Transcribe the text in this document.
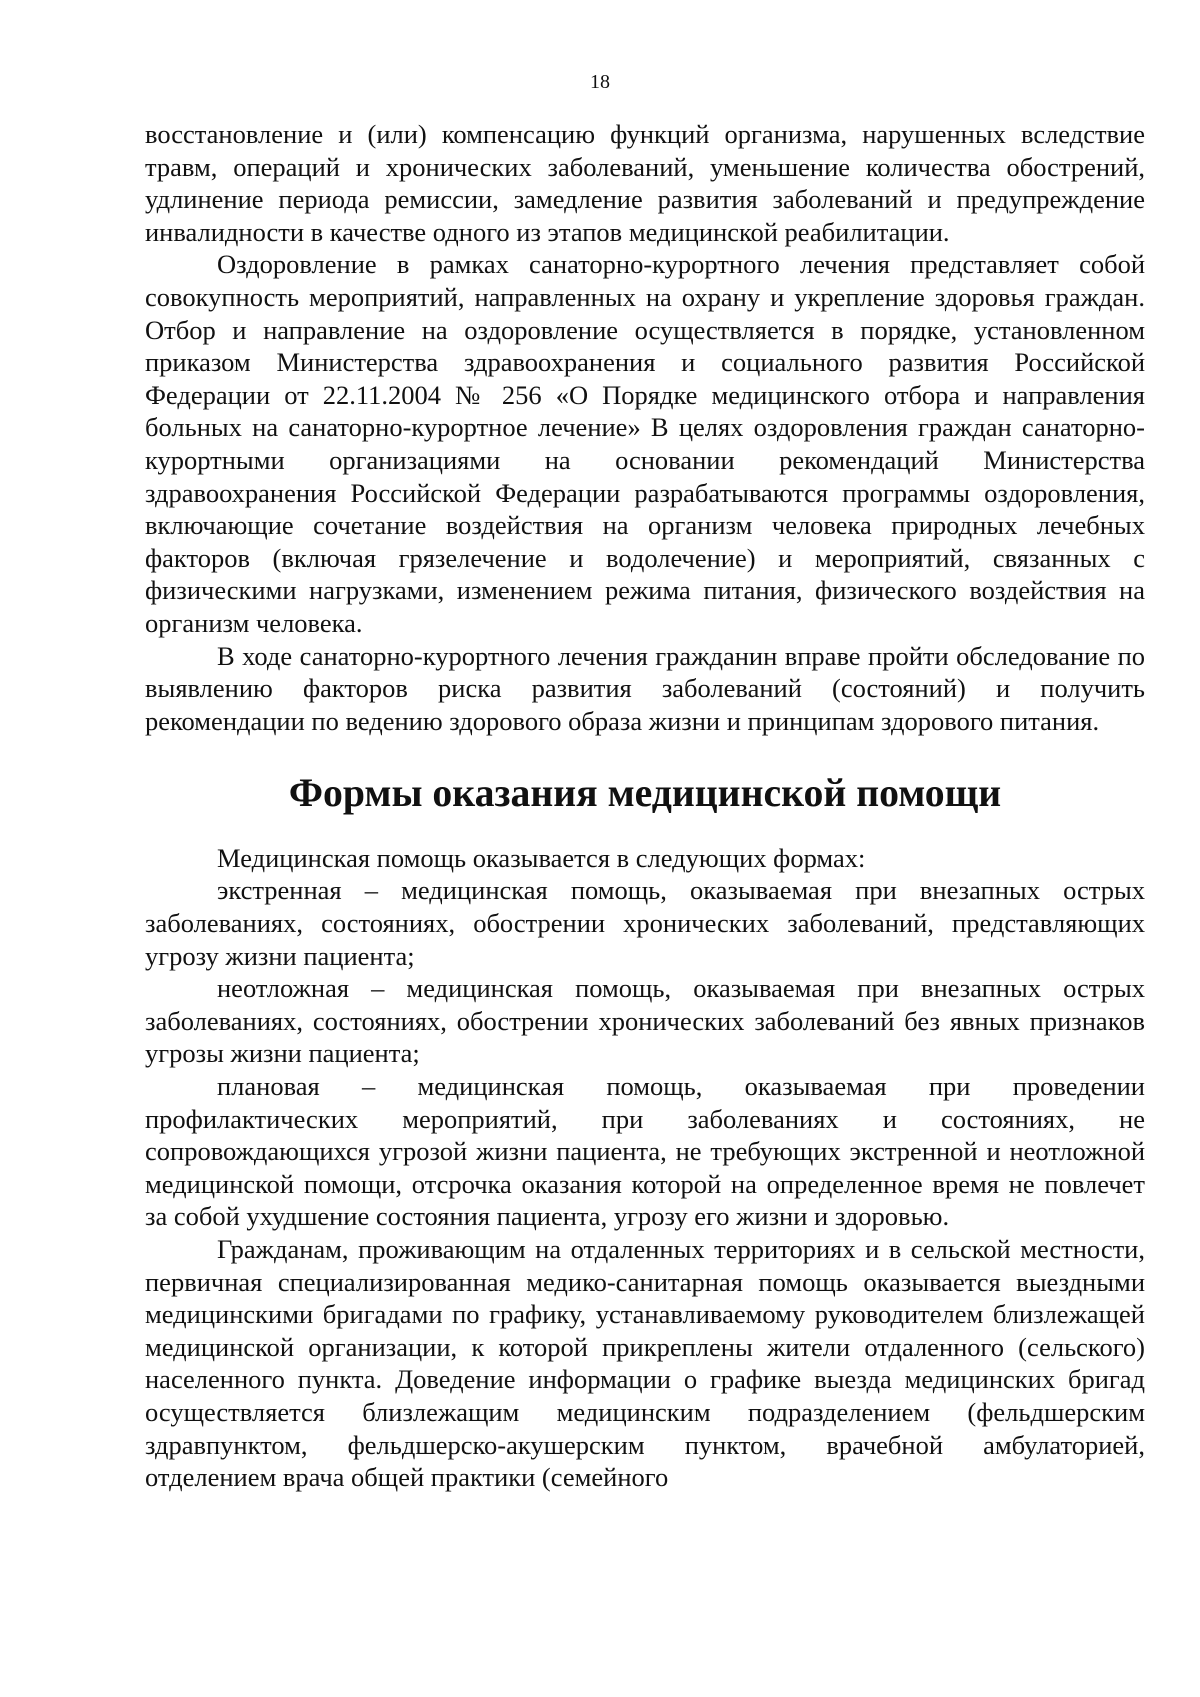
18

восстановление и (или) компенсацию функций организма, нарушенных вследствие травм, операций и хронических заболеваний, уменьшение количества обострений, удлинение периода ремиссии, замедление развития заболеваний и предупреждение инвалидности в качестве одного из этапов медицинской реабилитации.

Оздоровление в рамках санаторно-курортного лечения представляет собой совокупность мероприятий, направленных на охрану и укрепление здоровья граждан. Отбор и направление на оздоровление осуществляется в порядке, установленном приказом Министерства здравоохранения и социального развития Российской Федерации от 22.11.2004 № 256 «О Порядке медицинского отбора и направления больных на санаторно-курортное лечение» В целях оздоровления граждан санаторно-курортными организациями на основании рекомендаций Министерства здравоохранения Российской Федерации разрабатываются программы оздоровления, включающие сочетание воздействия на организм человека природных лечебных факторов (включая грязелечение и водолечение) и мероприятий, связанных с физическими нагрузками, изменением режима питания, физического воздействия на организм человека.

В ходе санаторно-курортного лечения гражданин вправе пройти обследование по выявлению факторов риска развития заболеваний (состояний) и получить рекомендации по ведению здорового образа жизни и принципам здорового питания.

Формы оказания медицинской помощи

Медицинская помощь оказывается в следующих формах:

экстренная – медицинская помощь, оказываемая при внезапных острых заболеваниях, состояниях, обострении хронических заболеваний, представляющих угрозу жизни пациента;

неотложная – медицинская помощь, оказываемая при внезапных острых заболеваниях, состояниях, обострении хронических заболеваний без явных признаков угрозы жизни пациента;

плановая – медицинская помощь, оказываемая при проведении профилактических мероприятий, при заболеваниях и состояниях, не сопровождающихся угрозой жизни пациента, не требующих экстренной и неотложной медицинской помощи, отсрочка оказания которой на определенное время не повлечет за собой ухудшение состояния пациента, угрозу его жизни и здоровью.

Гражданам, проживающим на отдаленных территориях и в сельской местности, первичная специализированная медико-санитарная помощь оказывается выездными медицинскими бригадами по графику, устанавливаемому руководителем близлежащей медицинской организации, к которой прикреплены жители отдаленного (сельского) населенного пункта. Доведение информации о графике выезда медицинских бригад осуществляется близлежащим медицинским подразделением (фельдшерским здравпунктом, фельдшерско-акушерским пунктом, врачебной амбулаторией, отделением врача общей практики (семейного
